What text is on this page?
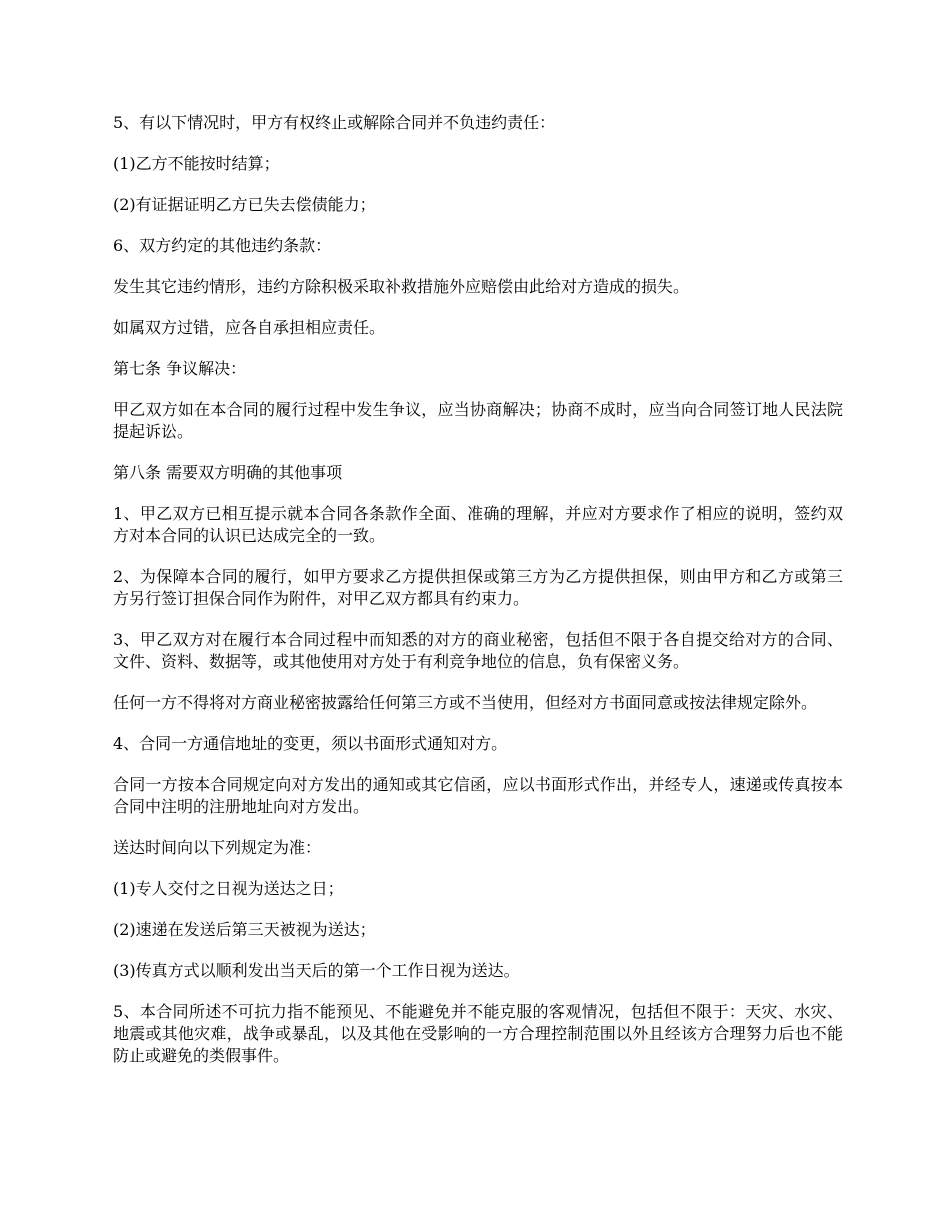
5、有以下情况时，甲方有权终止或解除合同并不负违约责任：

(1)乙方不能按时结算；

(2)有证据证明乙方已失去偿债能力；

6、双方约定的其他违约条款：

发生其它违约情形，违约方除积极采取补救措施外应赔偿由此给对方造成的损失。

如属双方过错，应各自承担相应责任。

第七条 争议解决：

甲乙双方如在本合同的履行过程中发生争议，应当协商解决；协商不成时，应当向合同签订地人民法院提起诉讼。

第八条 需要双方明确的其他事项

1、甲乙双方已相互提示就本合同各条款作全面、准确的理解，并应对方要求作了相应的说明，签约双方对本合同的认识已达成完全的一致。

2、为保障本合同的履行，如甲方要求乙方提供担保或第三方为乙方提供担保，则由甲方和乙方或第三方另行签订担保合同作为附件，对甲乙双方都具有约束力。

3、甲乙双方对在履行本合同过程中而知悉的对方的商业秘密，包括但不限于各自提交给对方的合同、文件、资料、数据等，或其他使用对方处于有利竞争地位的信息，负有保密义务。

任何一方不得将对方商业秘密披露给任何第三方或不当使用，但经对方书面同意或按法律规定除外。

4、合同一方通信地址的变更，须以书面形式通知对方。

合同一方按本合同规定向对方发出的通知或其它信函，应以书面形式作出，并经专人，速递或传真按本合同中注明的注册地址向对方发出。

送达时间向以下列规定为准：

(1)专人交付之日视为送达之日；

(2)速递在发送后第三天被视为送达；

(3)传真方式以顺利发出当天后的第一个工作日视为送达。

5、本合同所述不可抗力指不能预见、不能避免并不能克服的客观情况，包括但不限于：天灾、水灾、地震或其他灾难，战争或暴乱，以及其他在受影响的一方合理控制范围以外且经该方合理努力后也不能防止或避免的类假事件。
